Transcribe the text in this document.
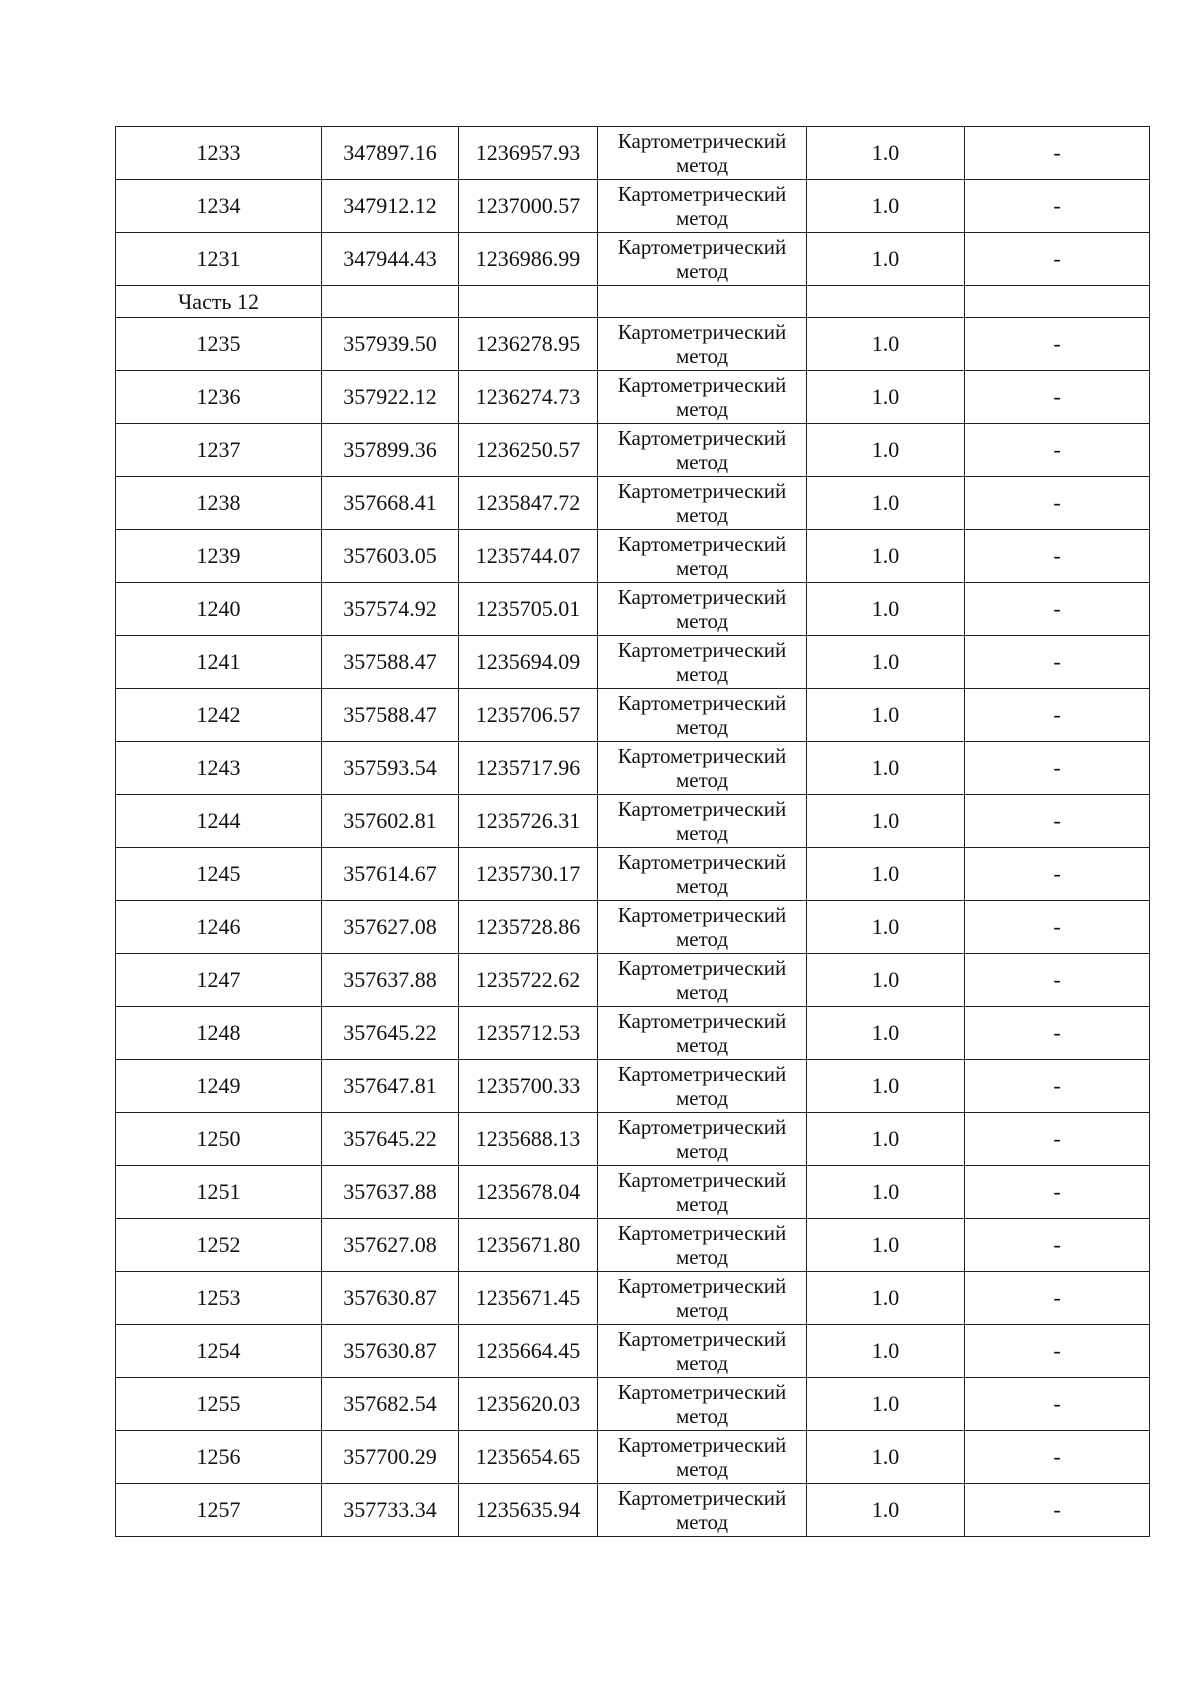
1233	347897.16	1236957.93	Картометрический метод	1.0	-
1234	347912.12	1237000.57	Картометрический метод	1.0	-
1231	347944.43	1236986.99	Картометрический метод	1.0	-
Часть 12					
1235	357939.50	1236278.95	Картометрический метод	1.0	-
1236	357922.12	1236274.73	Картометрический метод	1.0	-
1237	357899.36	1236250.57	Картометрический метод	1.0	-
1238	357668.41	1235847.72	Картометрический метод	1.0	-
1239	357603.05	1235744.07	Картометрический метод	1.0	-
1240	357574.92	1235705.01	Картометрический метод	1.0	-
1241	357588.47	1235694.09	Картометрический метод	1.0	-
1242	357588.47	1235706.57	Картометрический метод	1.0	-
1243	357593.54	1235717.96	Картометрический метод	1.0	-
1244	357602.81	1235726.31	Картометрический метод	1.0	-
1245	357614.67	1235730.17	Картометрический метод	1.0	-
1246	357627.08	1235728.86	Картометрический метод	1.0	-
1247	357637.88	1235722.62	Картометрический метод	1.0	-
1248	357645.22	1235712.53	Картометрический метод	1.0	-
1249	357647.81	1235700.33	Картометрический метод	1.0	-
1250	357645.22	1235688.13	Картометрический метод	1.0	-
1251	357637.88	1235678.04	Картометрический метод	1.0	-
1252	357627.08	1235671.80	Картометрический метод	1.0	-
1253	357630.87	1235671.45	Картометрический метод	1.0	-
1254	357630.87	1235664.45	Картометрический метод	1.0	-
1255	357682.54	1235620.03	Картометрический метод	1.0	-
1256	357700.29	1235654.65	Картометрический метод	1.0	-
1257	357733.34	1235635.94	Картометрический метод	1.0	-
